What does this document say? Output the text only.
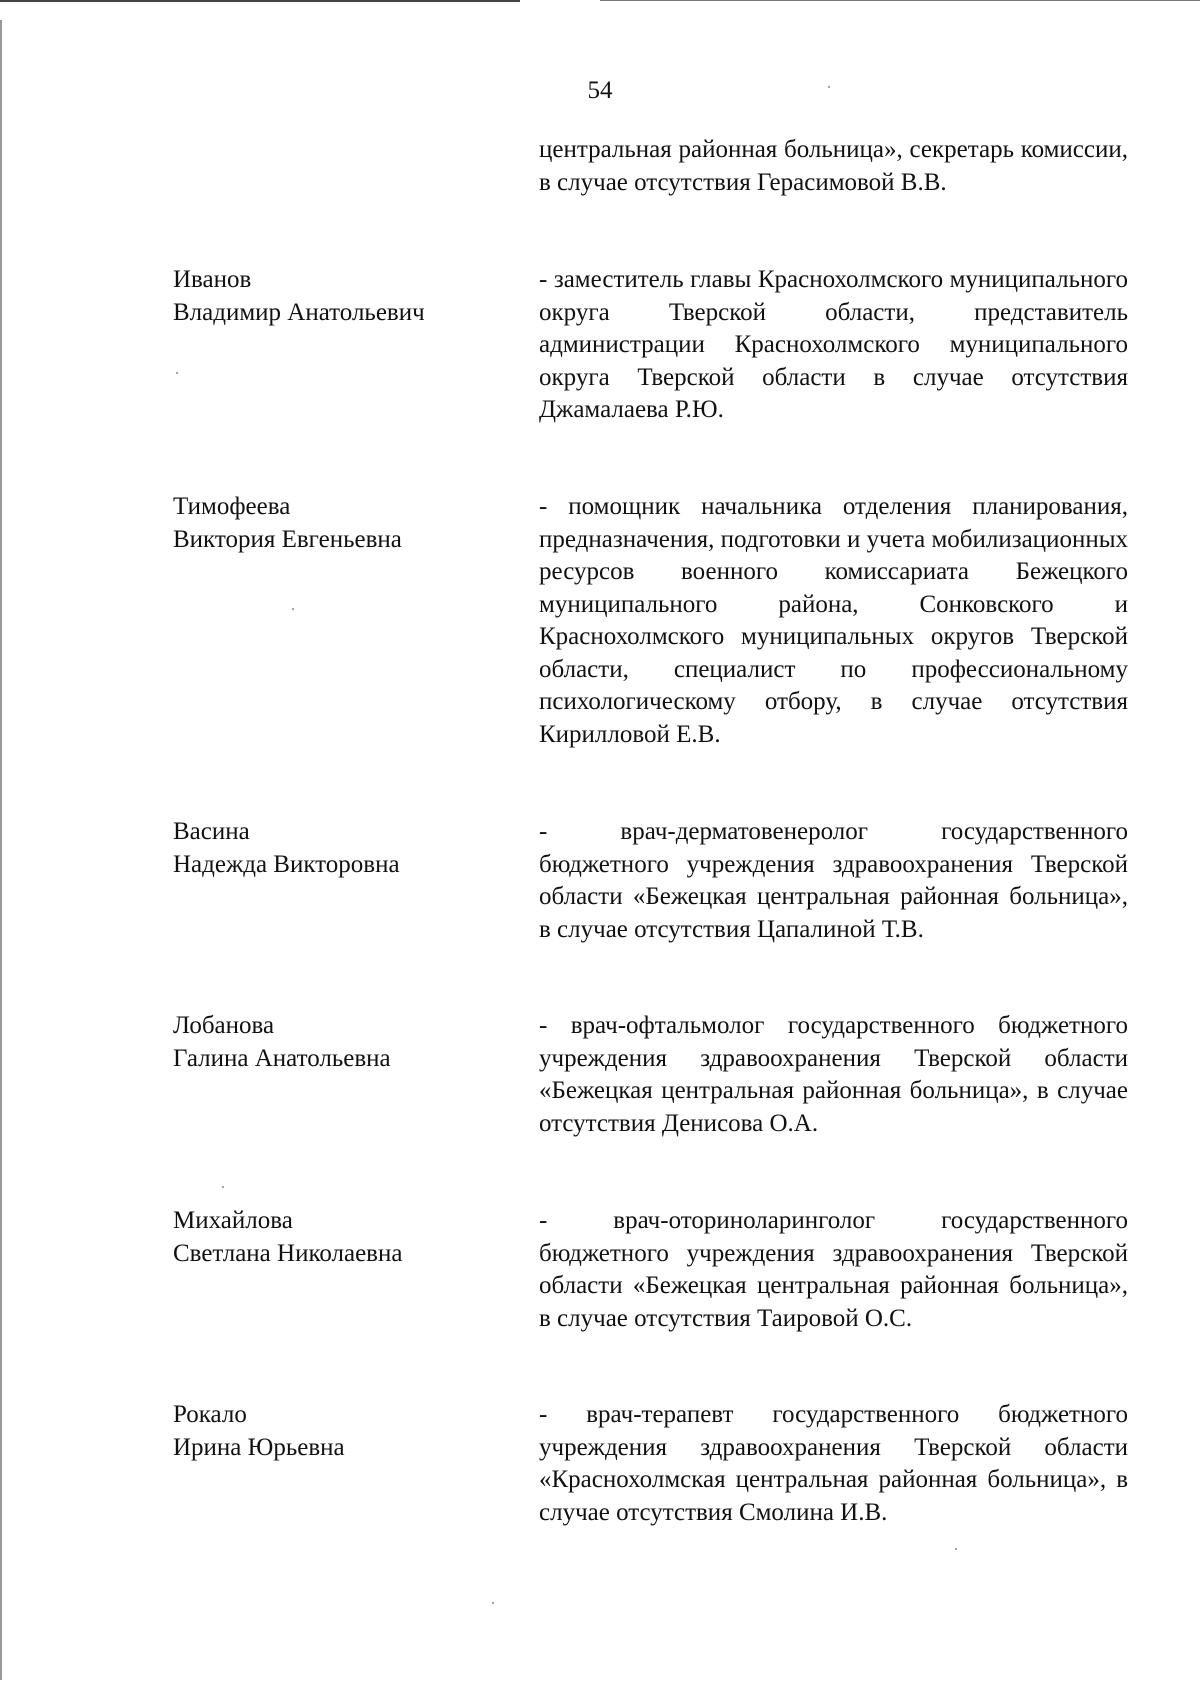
54
центральная районная больница», секретарь комиссии, в случае отсутствия Герасимовой В.В.
Иванов
Владимир Анатольевич
- заместитель главы Краснохолмского муниципального округа Тверской области, представитель администрации Краснохолмского муниципального округа Тверской области в случае отсутствия Джамалаева Р.Ю.
Тимофеева
Виктория Евгеньевна
- помощник начальника отделения планирования, предназначения, подготовки и учета мобилизационных ресурсов военного комиссариата Бежецкого муниципального района, Сонковского и Краснохолмского муниципальных округов Тверской области, специалист по профессиональному психологическому отбору, в случае отсутствия Кирилловой Е.В.
Васина
Надежда Викторовна
- врач-дерматовенеролог государственного бюджетного учреждения здравоохранения Тверской области «Бежецкая центральная районная больница», в случае отсутствия Цапалиной Т.В.
Лобанова
Галина Анатольевна
- врач-офтальмолог государственного бюджетного учреждения здравоохранения Тверской области «Бежецкая центральная районная больница», в случае отсутствия Денисова О.А.
Михайлова
Светлана Николаевна
- врач-оториноларинголог государственного бюджетного учреждения здравоохранения Тверской области «Бежецкая центральная районная больница», в случае отсутствия Таировой О.С.
Рокало
Ирина Юрьевна
- врач-терапевт государственного бюджетного учреждения здравоохранения Тверской области «Краснохолмская центральная районная больница», в случае отсутствия Смолина И.В.
